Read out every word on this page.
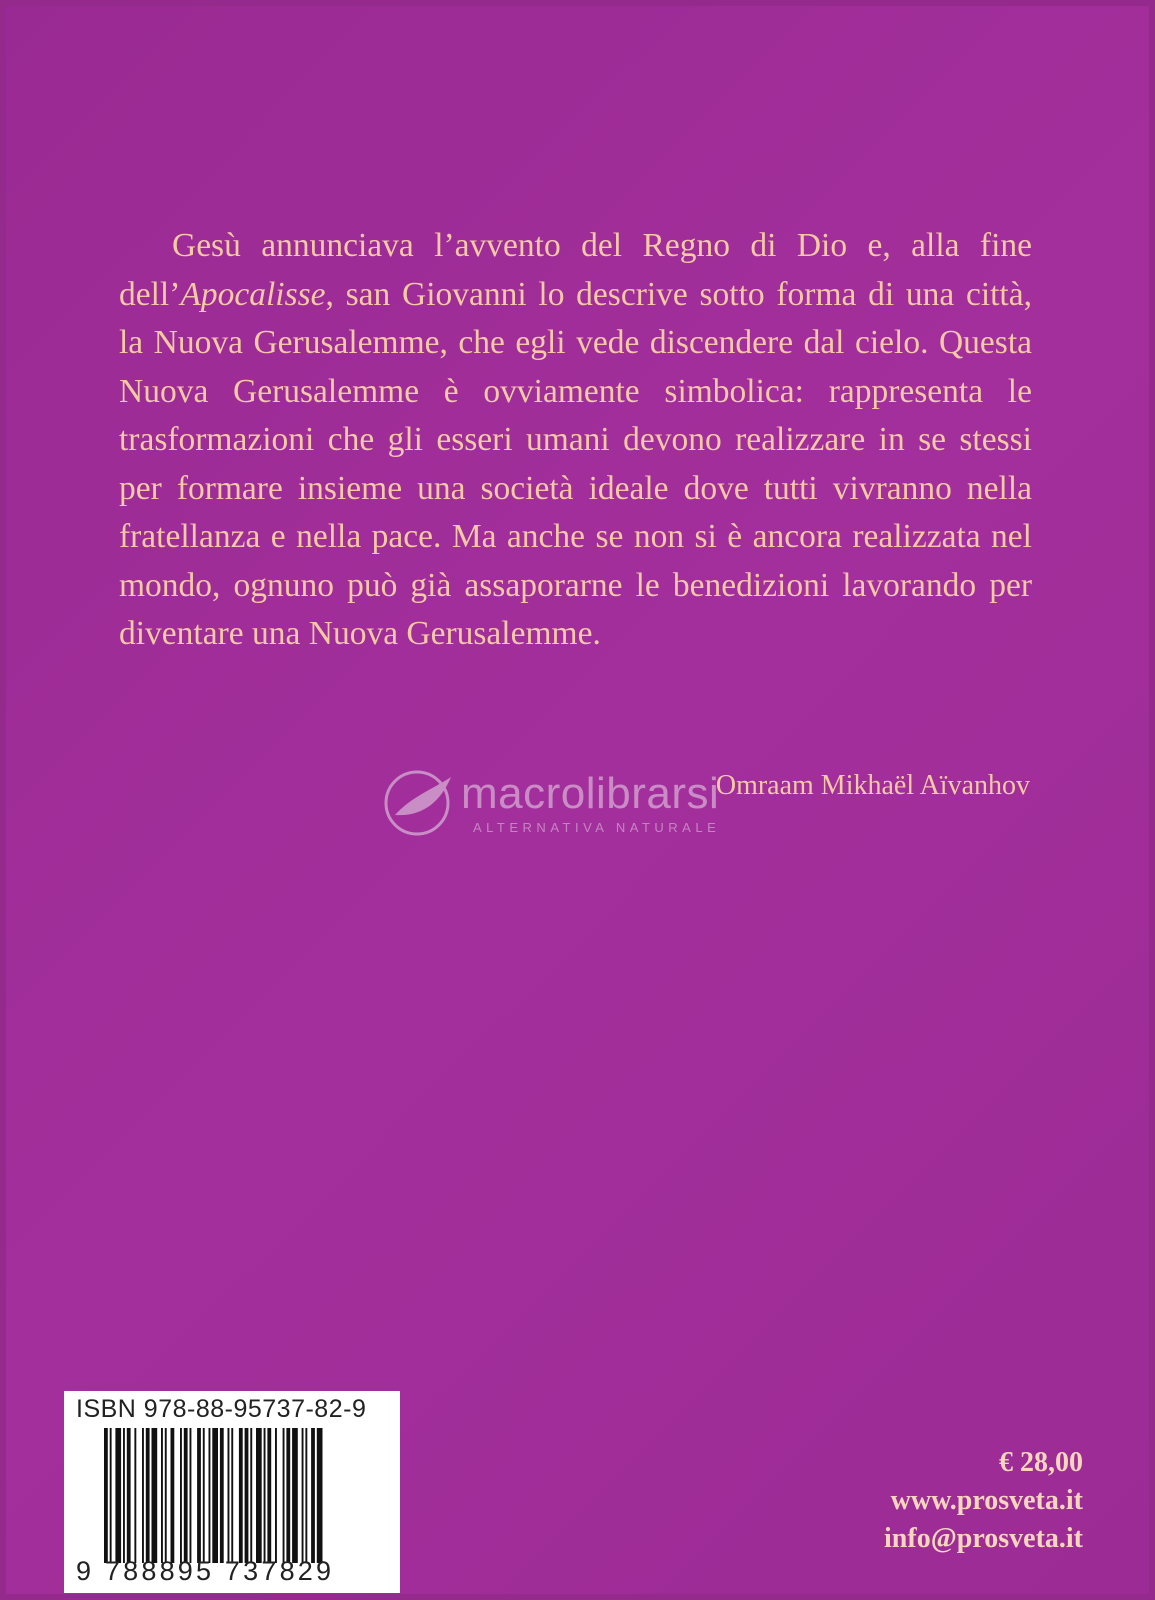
Gesù annunciava l’avvento del Regno di Dio e, alla fine dell’Apocalisse, san Giovanni lo descrive sotto forma di una città, la Nuova Gerusalemme, che egli vede discendere dal cielo. Questa Nuova Gerusalemme è ovviamente simbolica: rappresenta le trasformazioni che gli esseri umani devono realizzare in se stessi per formare insieme una società ideale dove tutti vivranno nella fratellanza e nella pace. Ma anche se non si è ancora realizzata nel mondo, ognuno può già assaporarne le benedizioni lavorando per diventare una Nuova Gerusalemme.

Omraam Mikhaël Aïvanhov
macrolibrarsi
ALTERNATIVA NATURALE
ISBN 978-88-95737-82-9
9 788895 737829
€ 28,00
www.prosveta.it
info@prosveta.it
